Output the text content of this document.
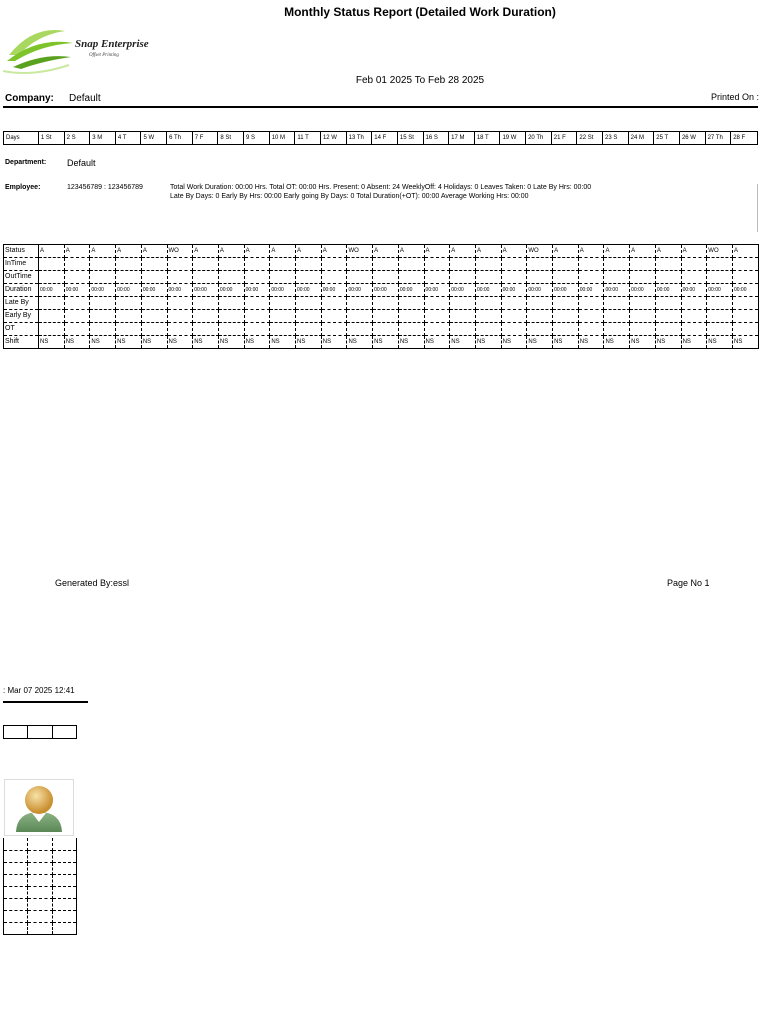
Monthly Status Report (Detailed Work Duration)
Snap Enterprise
Offset Printing
Feb 01 2025 To Feb 28 2025
Company: Default	Printed On :
Days	1 St	2 S	3 M	4 T	5 W	6 Th	7 F	8 St	9 S	10 M	11 T	12 W	13 Th	14 F	15 St	16 S	17 M	18 T	19 W	20 Th	21 F	22 St	23 S	24 M	25 T	26 W	27 Th	28 F
Department: Default
Employee:	123456789 : 123456789	Total Work Duration: 00:00 Hrs. Total OT: 00:00 Hrs. Present: 0 Absent: 24 WeeklyOff: 4 Holidays: 0 Leaves Taken: 0 Late By Hrs: 00:00 Late By Days: 0 Early By Hrs: 00:00 Early going By Days: 0 Total Duration(+OT): 00:00 Average Working Hrs: 00:00
Status	A	A	A	A	A	WO	A	A	A	A	A	A	WO	A	A	A	A	A	A	WO	A	A	A	A	A	A	WO	A
InTime																												
OutTime																												
Duration	00:00	00:00	00:00	00:00	00:00	00:00	00:00	00:00	00:00	00:00	00:00	00:00	00:00	00:00	00:00	00:00	00:00	00:00	00:00	00:00	00:00	00:00	00:00	00:00	00:00	00:00	00:00	00:00
Late By																												
Early By																												
OT																												
Shift	NS	NS	NS	NS	NS	NS	NS	NS	NS	NS	NS	NS	NS	NS	NS	NS	NS	NS	NS	NS	NS	NS	NS	NS	NS	NS	NS	NS
Generated By:essl	Page No 1
: Mar 07 2025 12:41
